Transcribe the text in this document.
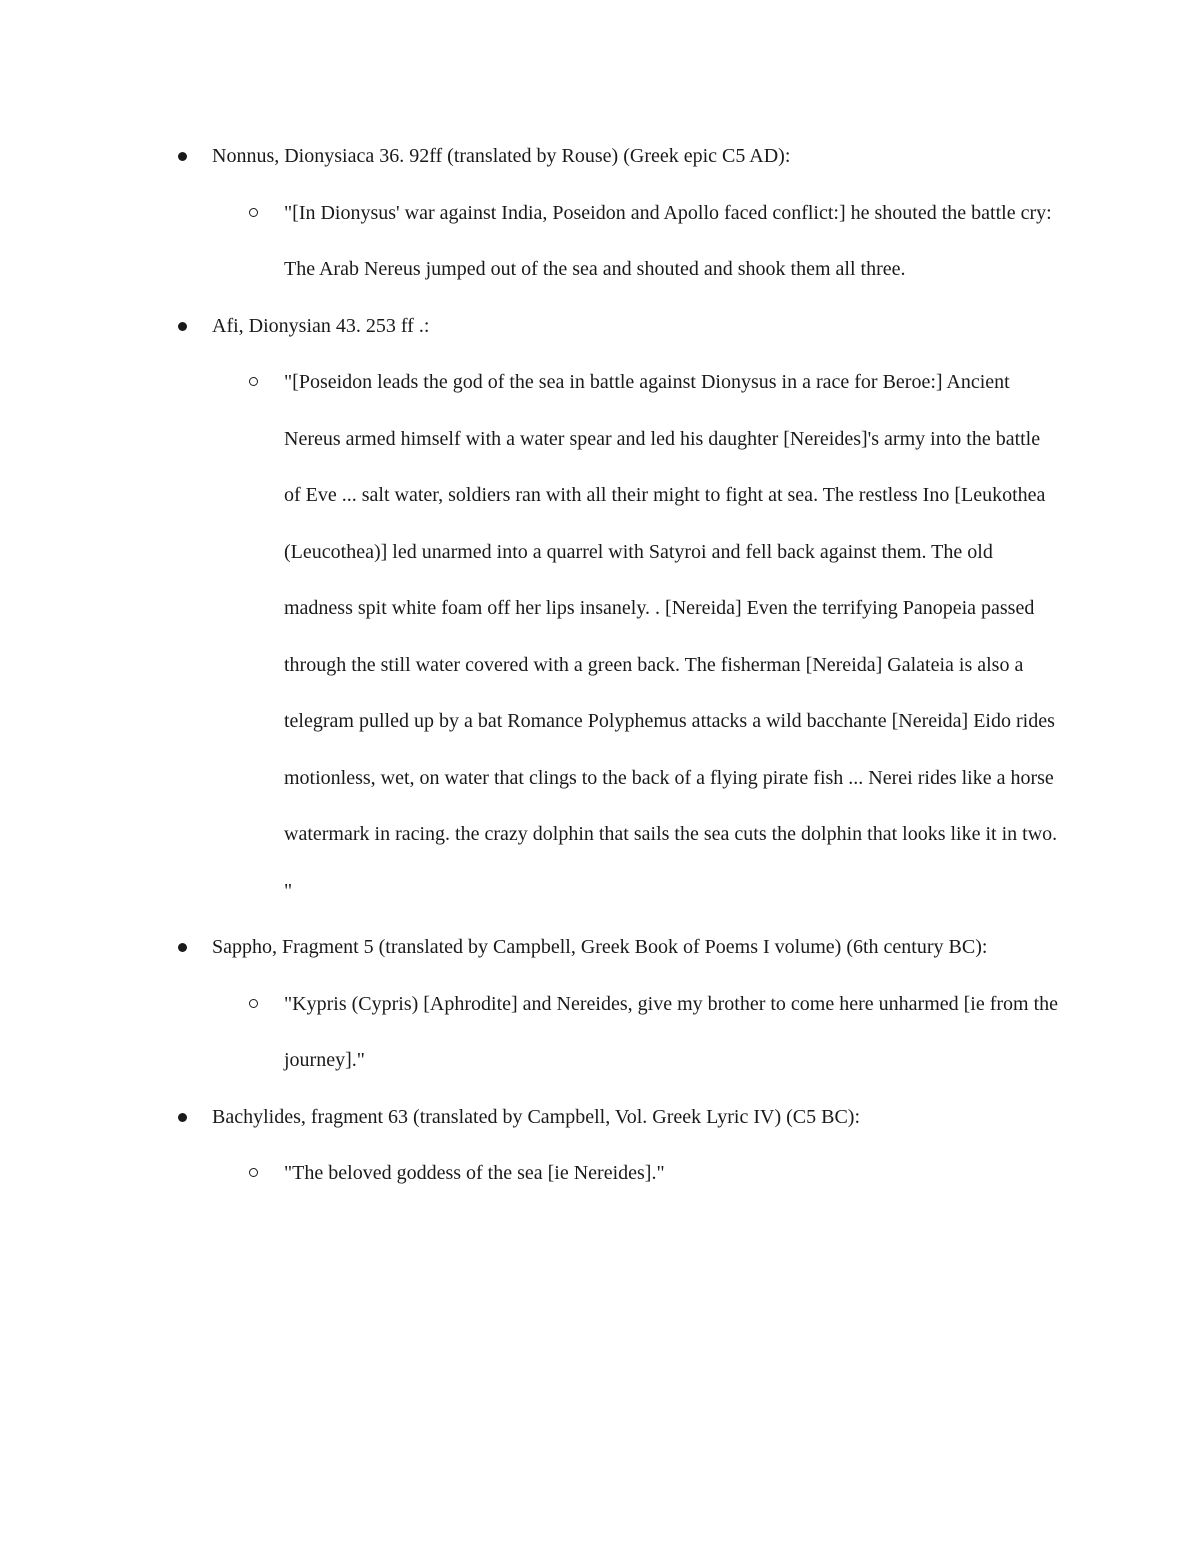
Nonnus, Dionysiaca 36. 92ff (translated by Rouse) (Greek epic C5 AD):
"[In Dionysus' war against India, Poseidon and Apollo faced conflict:] he shouted the battle cry: The Arab Nereus jumped out of the sea and shouted and shook them all three.
Afi, Dionysian 43. 253 ff .:
"[Poseidon leads the god of the sea in battle against Dionysus in a race for Beroe:] Ancient Nereus armed himself with a water spear and led his daughter [Nereides]'s army into the battle of Eve ... salt water, soldiers ran with all their might to fight at sea. The restless Ino [Leukothea (Leucothea)] led unarmed into a quarrel with Satyroi and fell back against them. The old madness spit white foam off her lips insanely. . [Nereida] Even the terrifying Panopeia passed through the still water covered with a green back. The fisherman [Nereida] Galateia is also a telegram pulled up by a bat Romance Polyphemus attacks a wild bacchante [Nereida] Eido rides motionless, wet, on water that clings to the back of a flying pirate fish ... Nerei rides like a horse watermark in racing. the crazy dolphin that sails the sea cuts the dolphin that looks like it in two. "
Sappho, Fragment 5 (translated by Campbell, Greek Book of Poems I volume) (6th century BC):
"Kypris (Cypris) [Aphrodite] and Nereides, give my brother to come here unharmed [ie from the journey]."
Bachylides, fragment 63 (translated by Campbell, Vol. Greek Lyric IV) (C5 BC):
"The beloved goddess of the sea [ie Nereides]."
